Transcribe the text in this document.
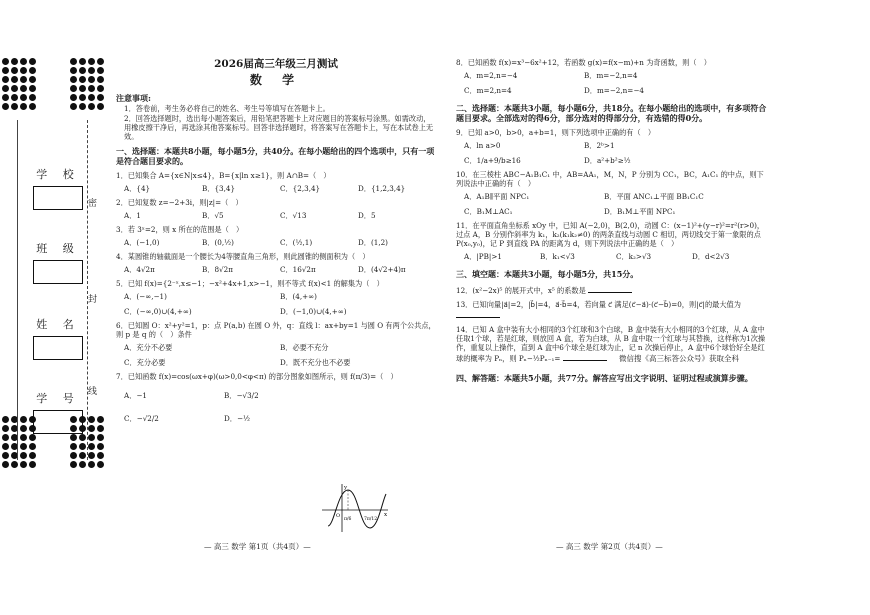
学 校
班 级
姓 名
学 号
密
封
线
2026届高三年级三月测试
数 学
注意事项:
1．答卷前，考生务必将自己的姓名、考生号等填写在答题卡上。
2．回答选择题时，选出每小题答案后，用铅笔把答题卡上对应题目的答案标号涂黑。如需改动，用橡皮擦干净后，再选涂其他答案标号。回答非选择题时，将答案写在答题卡上，写在本试卷上无效。
一、选择题：本题共8小题，每小题5分，共40分。在每小题给出的四个选项中，只有一项是符合题目要求的。
1．已知集合 A={x∈N|x≤4}，B={x|ln x≥1}，则 A∩B=（　）
A．{4}	B．{3,4}	C．{2,3,4}	D．{1,2,3,4}
2．已知复数 z=−2+3i，则|z|=（　）
A．1	B．√5	C．√13	D．5
3．若 3ˣ=2，则 x 所在的范围是（　）
A．(−1,0)	B．(0,½)	C．(½,1)	D．(1,2)
4．某圆锥的轴截面是一个腰长为4等腰直角三角形，则此圆锥的侧面积为（　）
A．4√2π	B．8√2π	C．16√2π	D．(4√2+4)π
5．已知 f(x)={2⁻ˣ,x≤−1；−x²+4x+1,x>−1，则不等式 f(x)<1 的解集为（　）
A．(−∞,−1)	B．(4,+∞)
C．(−∞,0)∪(4,+∞)	D．(−1,0)∪(4,+∞)
6．已知圆 O：x²+y²=1，p：点 P(a,b) 在圆 O 外，q：直线 l：ax+by=1 与圆 O 有两个公共点，则 p 是 q 的（　）条件
A．充分不必要	B．必要不充分
C．充分必要	D．既不充分也不必要
7．已知函数 f(x)=cos(ωx+φ)(ω>0,0<φ<π) 的部分图象如图所示，则 f(π/3)=（　）
A．−1	B．−√3/2
C．−√2/2	D．−½
y
x
O
π/6	7π/12
8．已知函数 f(x)=x³−6x²+12，若函数 g(x)=f(x−m)+n 为奇函数，则（　）
A．m=2,n=−4	B．m=−2,n=4
C．m=2,n=4	D．m=−2,n=−4
二、选择题：本题共3小题，每小题6分，共18分。在每小题给出的选项中，有多项符合题目要求。全部选对的得6分，部分选对的得部分分，有选错的得0分。
9．已知 a>0，b>0，a+b=1，则下列选项中正确的有（　）
A．ln a>0	B．2ᵇ>1
C．1/a+9/b≥16	D．a²+b²≥½
10．在三棱柱 ABC−A₁B₁C₁ 中，AB=AA₁，M，N，P 分别为 CC₁，BC，A₁C₁ 的中点，则下列说法中正确的有（　）
A．A₁B∥平面 NPC₁	B．平面 ANC₁⊥平面 BB₁C₁C
C．B₁M⊥AC₁	D．B₁M⊥平面 NPC₁
11．在平面直角坐标系 xOy 中，已知 A(−2,0)，B(2,0)，动圆 C：(x−1)²+(y−r)²=r²(r>0)，过点 A，B 分别作斜率为 k₁，k₂(k₁k₂≠0) 的两条直线与动圆 C 相切，两切线交于第一象限的点 P(x₀,y₀)，记 P 到直线 PA 的距离为 d，则下列说法中正确的是（　）
A．|PB|>1	B．k₁<√3	C．k₂>√3	D．d<2√3
三、填空题：本题共3小题，每小题5分，共15分。
12．(x²−2x)⁵ 的展开式中，x⁵ 的系数是
13．已知向量|a⃗|=2，|b⃗|=4，a⃗·b⃗=4，若向量 c⃗ 满足(c⃗−a⃗)·(c⃗−b⃗)=0，则|c⃗|的最大值为
14．已知 A 盒中装有大小相同的3个红球和3个白球，B 盒中装有大小相同的3个红球，从 A 盒中任取1个球，若是红球，则放回 A 盒，若为白球，从 B 盒中取一个红球与其替换，这样称为1次操作，重复以上操作，直到 A 盒中6个球全是红球为止，记 n 次操后停止，A 盒中6个球恰好全是红球的概率为 Pₙ，则 Pₙ−½Pₙ₋₁=	微信搜《高三标答公众号》获取全科
四、解答题：本题共5小题，共77分。解答应写出文字说明、证明过程或演算步骤。
— 高三 数学 第1页（共4页）—	— 高三 数学 第2页（共4页）—
